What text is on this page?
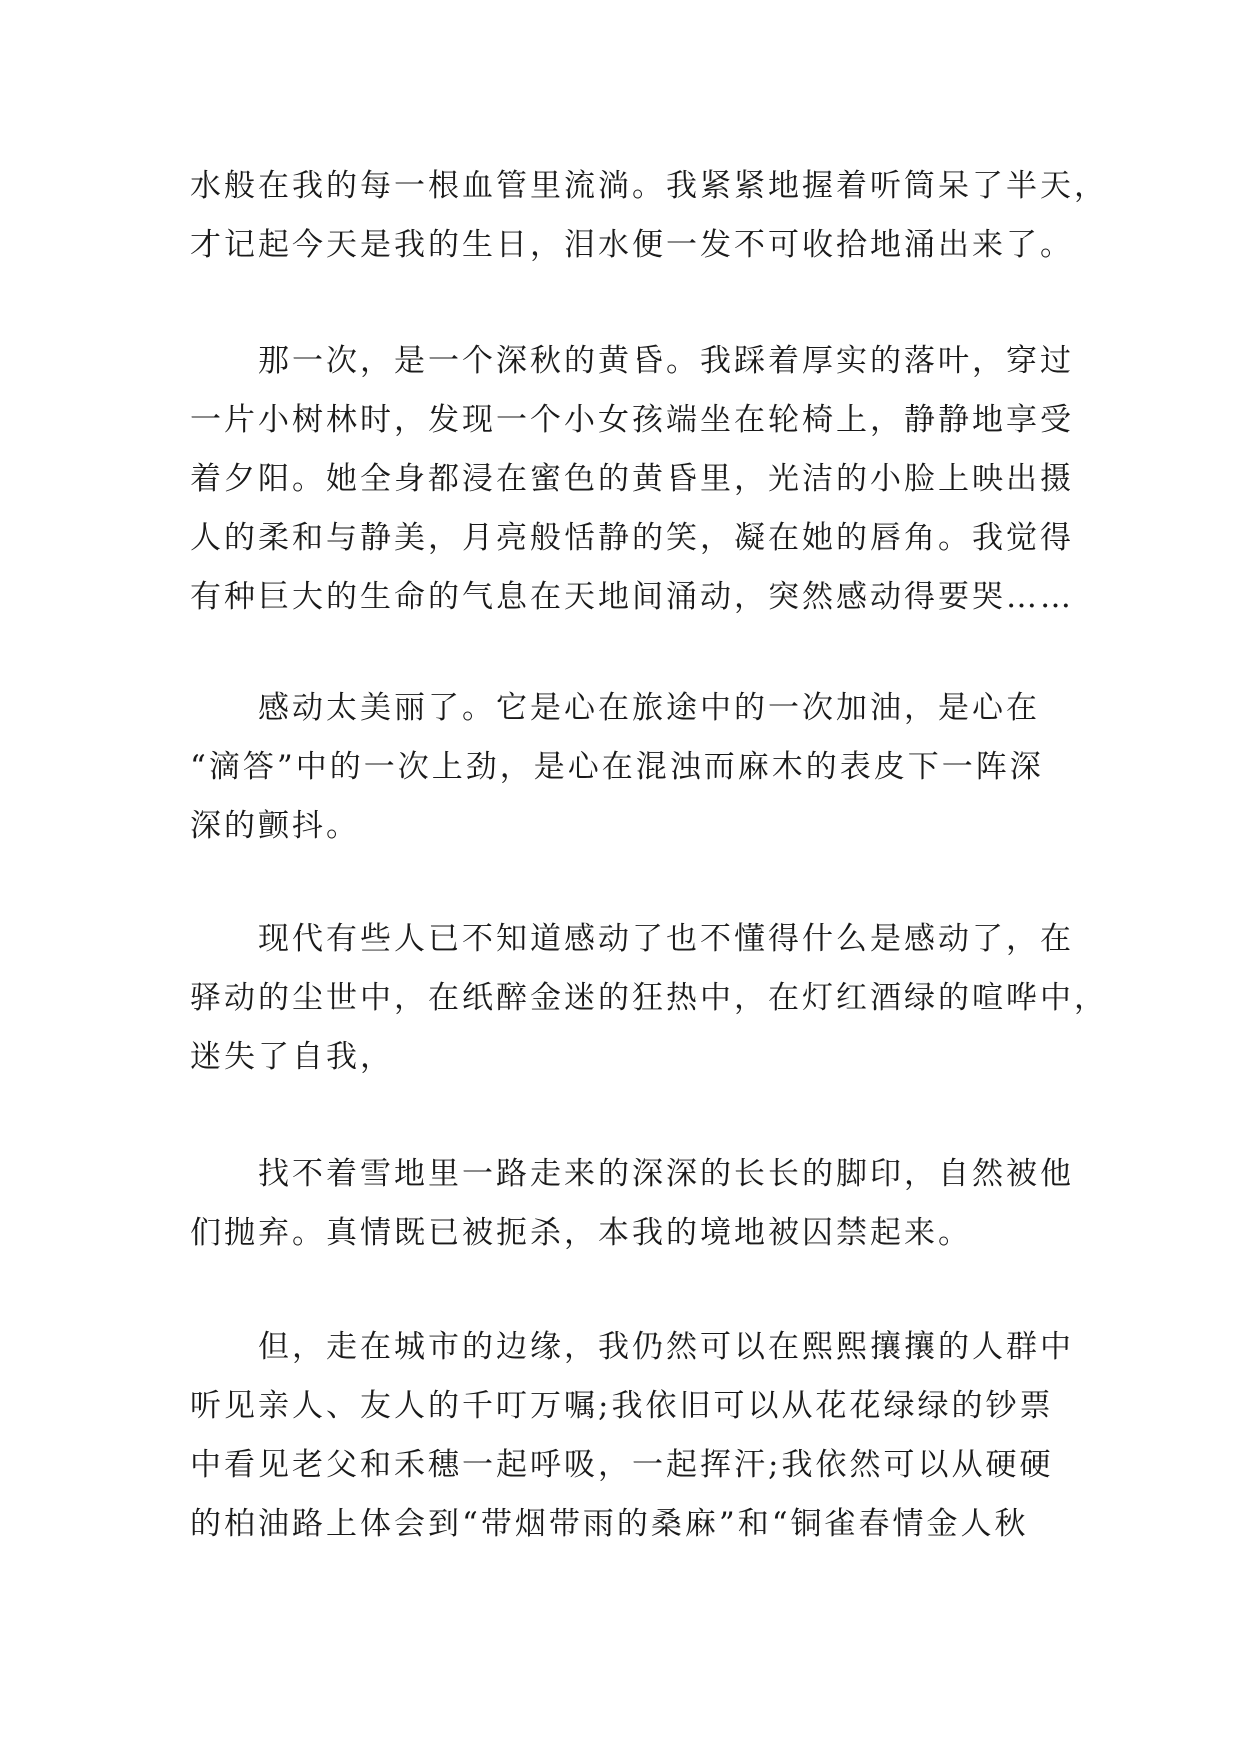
水般在我的每一根血管里流淌。我紧紧地握着听筒呆了半天，
才记起今天是我的生日，泪水便一发不可收拾地涌出来了。
那一次，是一个深秋的黄昏。我踩着厚实的落叶，穿过
一片小树林时，发现一个小女孩端坐在轮椅上，静静地享受
着夕阳。她全身都浸在蜜色的黄昏里，光洁的小脸上映出摄
人的柔和与静美，月亮般恬静的笑，凝在她的唇角。我觉得
有种巨大的生命的气息在天地间涌动，突然感动得要哭……
感动太美丽了。它是心在旅途中的一次加油，是心在
“滴答”中的一次上劲，是心在混浊而麻木的表皮下一阵深
深的颤抖。
现代有些人已不知道感动了也不懂得什么是感动了，在
驿动的尘世中，在纸醉金迷的狂热中，在灯红酒绿的喧哗中，
迷失了自我，
找不着雪地里一路走来的深深的长长的脚印，自然被他
们抛弃。真情既已被扼杀，本我的境地被囚禁起来。
但，走在城市的边缘，我仍然可以在熙熙攘攘的人群中
听见亲人、友人的千叮万嘱;我依旧可以从花花绿绿的钞票
中看见老父和禾穗一起呼吸，一起挥汗;我依然可以从硬硬
的柏油路上体会到“带烟带雨的桑麻”和“铜雀春情金人秋
